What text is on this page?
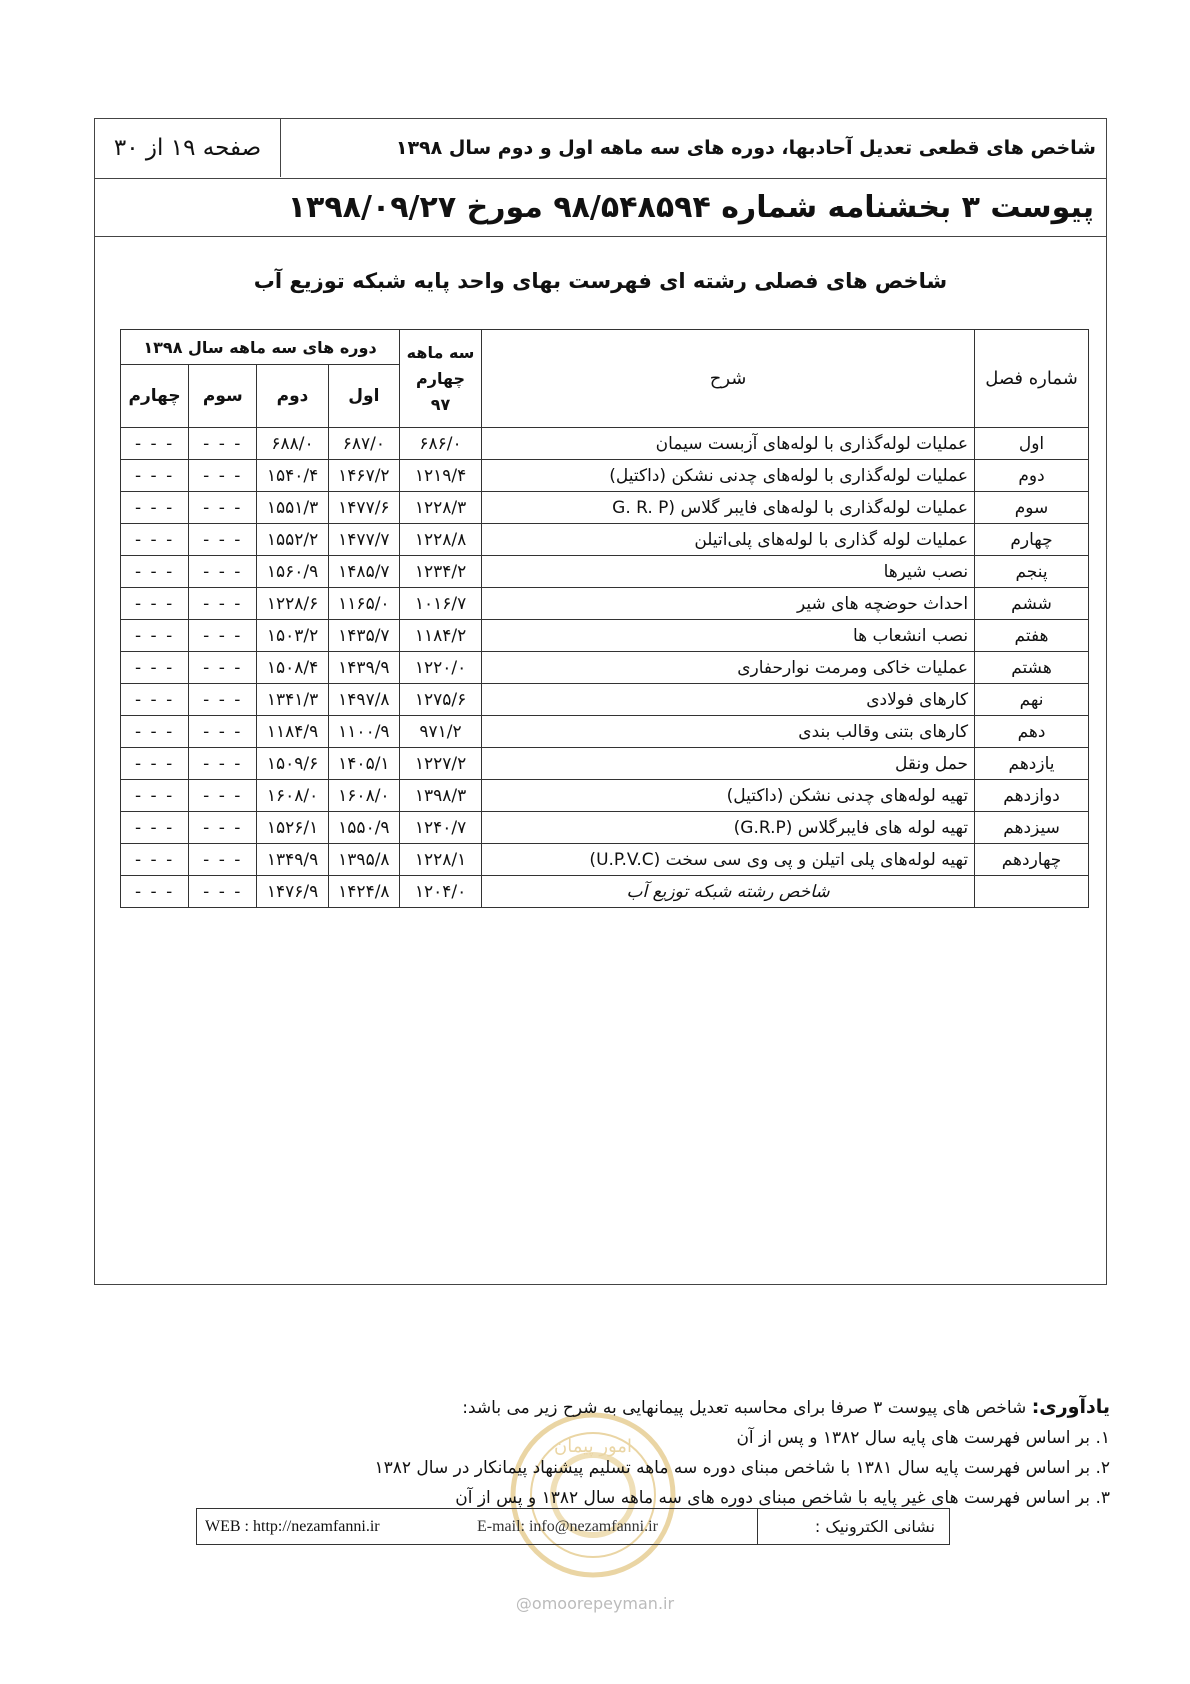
صفحه ۱۹ از ۳۰	شاخص های قطعی تعدیل آحادبها، دوره های سه ماهه اول و دوم سال ۱۳۹۸
پیوست ۳ بخشنامه شماره ۹۸/۵۴۸۵۹۴ مورخ ۱۳۹۸/۰۹/۲۷
شاخص های فصلی رشته ای فهرست بهای واحد پایه شبکه توزیع آب
شماره فصل	شرح	سه ماهه چهارم ۹۷	دوره های سه ماهه سال ۱۳۹۸			
			اول	دوم	سوم	چهارم
اول	عملیات لوله‌گذاری با لوله‌های آزبست سیمان	۶۸۶/۰	۶۸۷/۰	۶۸۸/۰	- - -	- - -
دوم	عملیات لوله‌گذاری با لوله‌های چدنی نشکن (داکتیل)	۱۲۱۹/۴	۱۴۶۷/۲	۱۵۴۰/۴	- - -	- - -
سوم	عملیات لوله‌گذاری با لوله‌های فایبر گلاس (G. R. P	۱۲۲۸/۳	۱۴۷۷/۶	۱۵۵۱/۳	- - -	- - -
چهارم	عملیات لوله گذاری با لوله‌های پلی‌اتیلن	۱۲۲۸/۸	۱۴۷۷/۷	۱۵۵۲/۲	- - -	- - -
پنجم	نصب شیرها	۱۲۳۴/۲	۱۴۸۵/۷	۱۵۶۰/۹	- - -	- - -
ششم	احداث حوضچه های شیر	۱۰۱۶/۷	۱۱۶۵/۰	۱۲۲۸/۶	- - -	- - -
هفتم	نصب انشعاب ها	۱۱۸۴/۲	۱۴۳۵/۷	۱۵۰۳/۲	- - -	- - -
هشتم	عملیات خاکی ومرمت نوارحفاری	۱۲۲۰/۰	۱۴۳۹/۹	۱۵۰۸/۴	- - -	- - -
نهم	کارهای فولادی	۱۲۷۵/۶	۱۴۹۷/۸	۱۳۴۱/۳	- - -	- - -
دهم	کارهای بتنی وقالب بندی	۹۷۱/۲	۱۱۰۰/۹	۱۱۸۴/۹	- - -	- - -
یازدهم	حمل ونقل	۱۲۲۷/۲	۱۴۰۵/۱	۱۵۰۹/۶	- - -	- - -
دوازدهم	تهیه لوله‌های چدنی نشکن (داکتیل)	۱۳۹۸/۳	۱۶۰۸/۰	۱۶۰۸/۰	- - -	- - -
سیزدهم	تهیه لوله های فایبرگلاس (G.R.P)	۱۲۴۰/۷	۱۵۵۰/۹	۱۵۲۶/۱	- - -	- - -
چهاردهم	تهیه لوله‌های پلی اتیلن و پی وی سی سخت (U.P.V.C)	۱۲۲۸/۱	۱۳۹۵/۸	۱۳۴۹/۹	- - -	- - -
	شاخص رشته شبکه توزیع آب	۱۲۰۴/۰	۱۴۲۴/۸	۱۴۷۶/۹	- - -	- - -
امور پیمان
یادآوری: شاخص های پیوست ۳ صرفا برای محاسبه تعدیل پیمانهایی به شرح زیر می باشد:
۱. بر اساس فهرست های پایه سال ۱۳۸۲ و پس از آن
۲. بر اساس فهرست پایه سال ۱۳۸۱ با شاخص مبنای دوره سه ماهه تسلیم پیشنهاد پیمانکار در سال ۱۳۸۲
۳. بر اساس فهرست های غیر پایه با شاخص مبنای دوره های سه ماهه سال ۱۳۸۲ و پس از آن
نشانی الکترونیک :
E-mail: info@nezamfanni.ir
WEB : http://nezamfanni.ir
@omoorepeyman.ir
